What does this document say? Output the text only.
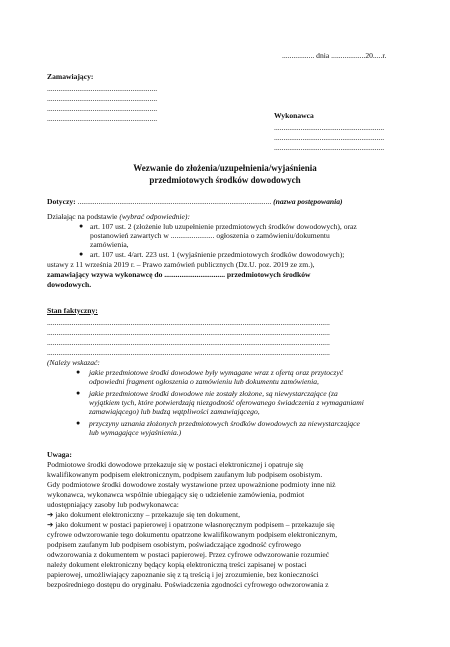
................. dnia ..................20.....r.
Zamawiający:
..........................................................
..........................................................
..........................................................
..........................................................	Wykonawca
..........................................................
..........................................................
..........................................................
Wezwanie do złożenia/uzupełnienia/wyjaśnienia
przedmiotowych środków dowodowych
Dotyczy: ...................................................................................................... (nazwa postępowania)
Działając na podstawie (wybrać odpowiednie):
● art. 107 ust. 2 (złożenie lub uzupełnienie przedmiotowych środków dowodowych), oraz
postanowień zawartych w ....................... ogłoszenia o zamówieniu/dokumentu
zamówienia,
● art. 107 ust. 4/art. 223 ust. 1 (wyjaśnienie przedmiotowych środków dowodowych);
ustawy z 11 września 2019 r. – Prawo zamówień publicznych (Dz.U. poz. 2019 ze zm.),
zamawiający wzywa wykonawcę do ................................ przedmiotowych środków
dowodowych.
Stan faktyczny:
.....................................................................................................................................................
.....................................................................................................................................................
.....................................................................................................................................................
.....................................................................................................................................................
(Należy wskazać:
● jakie przedmiotowe środki dowodowe były wymagane wraz z ofertą oraz przytoczyć
odpowiedni fragment ogłoszenia o zamówieniu lub dokumentu zamówienia,
● jakie przedmiotowe środki dowodowe nie zostały złożone, są niewystarczające (za
wyjątkiem tych, które potwierdzają niezgodność oferowanego świadczenia z wymaganiami
zamawiającego) lub budzą wątpliwości zamawiającego,
● przyczyny uznania złożonych przedmiotowych środków dowodowych za niewystarczające
lub wymagające wyjaśnienia.)
Uwaga:
Podmiotowe środki dowodowe przekazuje się w postaci elektronicznej i opatruje się
kwalifikowanym podpisem elektronicznym, podpisem zaufanym lub podpisem osobistym.
Gdy podmiotowe środki dowodowe zostały wystawione przez upoważnione podmioty inne niż
wykonawca, wykonawca wspólnie ubiegający się o udzielenie zamówienia, podmiot
udostępniający zasoby lub podwykonawca:
➔ jako dokument elektroniczny – przekazuje się ten dokument,
➔ jako dokument w postaci papierowej i opatrzone własnoręcznym podpisem – przekazuje się
cyfrowe odwzorowanie tego dokumentu opatrzone kwalifikowanym podpisem elektronicznym,
podpisem zaufanym lub podpisem osobistym, poświadczające zgodność cyfrowego
odwzorowania z dokumentem w postaci papierowej. Przez cyfrowe odwzorowanie rozumieć
należy dokument elektroniczny będący kopią elektroniczną treści zapisanej w postaci
papierowej, umożliwiający zapoznanie się z tą treścią i jej zrozumienie, bez konieczności
bezpośredniego dostępu do oryginału. Poświadczenia zgodności cyfrowego odwzorowania z
